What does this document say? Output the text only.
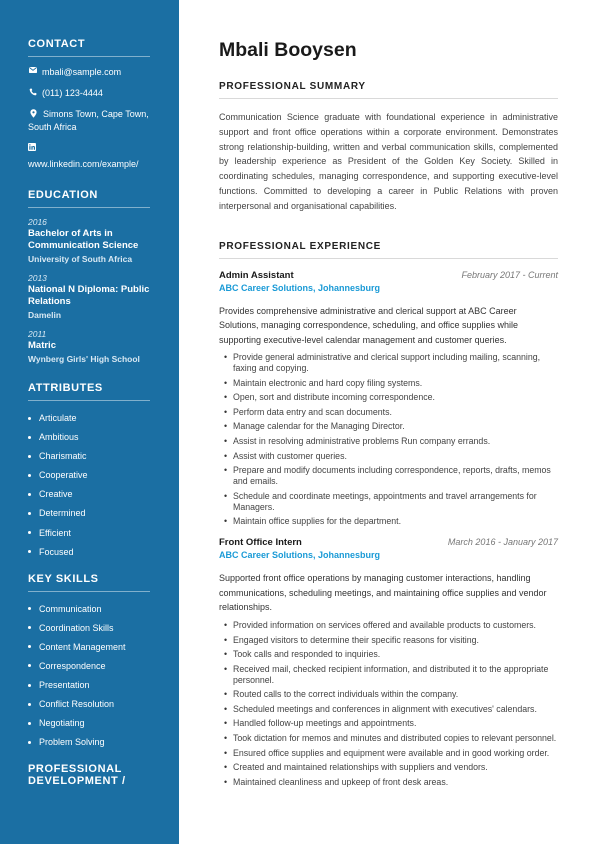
CONTACT
mbali@sample.com
(011) 123-4444
Simons Town, Cape Town, South Africa
www.linkedin.com/example/
EDUCATION
2016
Bachelor of Arts in Communication Science
University of South Africa
2013
National N Diploma: Public Relations
Damelin
2011
Matric
Wynberg Girls' High School
ATTRIBUTES
Articulate
Ambitious
Charismatic
Cooperative
Creative
Determined
Efficient
Focused
KEY SKILLS
Communication
Coordination Skills
Content Management
Correspondence
Presentation
Conflict Resolution
Negotiating
Problem Solving
PROFESSIONAL DEVELOPMENT /
Mbali Booysen
PROFESSIONAL SUMMARY

Communication Science graduate with foundational experience in administrative support and front office operations within a corporate environment. Demonstrates strong relationship-building, written and verbal communication skills, complemented by leadership experience as President of the Golden Key Society. Skilled in coordinating schedules, managing correspondence, and supporting executive-level functions. Committed to developing a career in Public Relations with proven interpersonal and organisational capabilities.

PROFESSIONAL EXPERIENCE
Admin Assistant	February 2017 - Current
ABC Career Solutions, Johannesburg

Provides comprehensive administrative and clerical support at ABC Career Solutions, managing correspondence, scheduling, and office supplies while supporting executive-level calendar management and customer queries.

• Provide general administrative and clerical support including mailing, scanning, faxing and copying.
• Maintain electronic and hard copy filing systems.
• Open, sort and distribute incoming correspondence.
• Perform data entry and scan documents.
• Manage calendar for the Managing Director.
• Assist in resolving administrative problems Run company errands.
• Assist with customer queries.
• Prepare and modify documents including correspondence, reports, drafts, memos and emails.
• Schedule and coordinate meetings, appointments and travel arrangements for Managers.
• Maintain office supplies for the department.
Front Office Intern	March 2016 - January 2017
ABC Career Solutions, Johannesburg

Supported front office operations by managing customer interactions, handling communications, scheduling meetings, and maintaining office supplies and vendor relationships.

• Provided information on services offered and available products to customers.
• Engaged visitors to determine their specific reasons for visiting.
• Took calls and responded to inquiries.
• Received mail, checked recipient information, and distributed it to the appropriate personnel.
• Routed calls to the correct individuals within the company.
• Scheduled meetings and conferences in alignment with executives' calendars.
• Handled follow-up meetings and appointments.
• Took dictation for memos and minutes and distributed copies to relevant personnel.
• Ensured office supplies and equipment were available and in good working order.
• Created and maintained relationships with suppliers and vendors.
• Maintained cleanliness and upkeep of front desk areas.
